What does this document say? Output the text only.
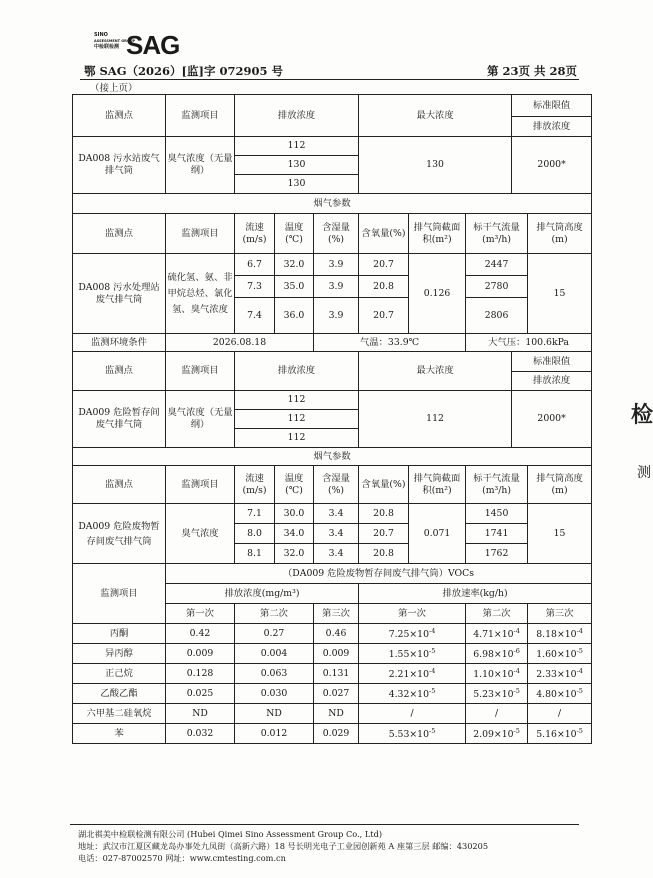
SINO
ASSESSMENT GROUP
中检联检测 SAG
鄂 SAG（2026）[监]字 072905 号	第 23页 共 28页
（接上页）
监测点	监测项目	排放浓度			最大浓度			标准限值	
								排放浓度	
DA008 污水站废气排气筒	臭气浓度（无量纲）	112			130			2000*	
		130							
		130							
烟气参数									
监测点	监测项目	流速(m/s)	温度(℃)	含湿量(%)	含氧量(%)	排气筒截面积(m²)	标干气流量(m³/h)		排气筒高度(m)
DA008 污水处理站废气排气筒	硫化氢、氨、非甲烷总烃、氯化氢、臭气浓度	6.7	32.0	3.9	20.7	0.126	2447		15
		7.3	35.0	3.9	20.8		2780		
		7.4	36.0	3.9	20.7		2806		
监测环境条件	2026.08.18			气温：33.9℃			大气压：100.6kPa		
监测点	监测项目	排放浓度			最大浓度			标准限值	
								排放浓度	
DA009 危险暂存间废气排气筒	臭气浓度（无量纲）	112			112			2000*	
		112							
		112							
烟气参数									
监测点	监测项目	流速(m/s)	温度(℃)	含湿量(%)	含氧量(%)	排气筒截面积(m²)	标干气流量(m³/h)		排气筒高度(m)
DA009 危险废物暂存间废气排气筒	臭气浓度	7.1	30.0	3.4	20.8	0.071	1450		15
		8.0	34.0	3.4	20.7		1741		
		8.1	32.0	3.4	20.8		1762		
监测项目	（DA009 危险废物暂存间废气排气筒）VOCs								
	排放浓度(mg/m³)				排放速率(kg/h)				
	第一次	第二次		第三次	第一次		第二次		第三次
丙酮	0.42	0.27		0.46	$7.25\times 10^{-4}$		$4.71\times 10^{-4}$		$8.18\times 10^{-4}$
异丙醇	0.009	0.004		0.009	$1.55\times 10^{-5}$		$6.98\times 10^{-6}$		$1.60\times 10^{-5}$
正己烷	0.128	0.063		0.131	$2.21\times 10^{-4}$		$1.10\times 10^{-4}$		$2.33\times 10^{-4}$
乙酸乙酯	0.025	0.030		0.027	$4.32\times 10^{-5}$		$5.23\times 10^{-5}$		$4.80\times 10^{-5}$
六甲基二硅氧烷	ND	ND		ND	/		/		/
苯	0.032	0.012		0.029	$5.53\times 10^{-5}$		$2.09\times 10^{-5}$		$5.16\times 10^{-5}$
湖北祺美中检联检测有限公司 (Hubei Qimei Sino Assessment Group Co., Ltd)
地址：武汉市江夏区藏龙岛办事处九凤街（高新六路）18 号长明光电子工业园创新苑 A 座第三层 邮编：430205
电话：027-87002570 网址：www.cmtesting.com.cn
检
测
